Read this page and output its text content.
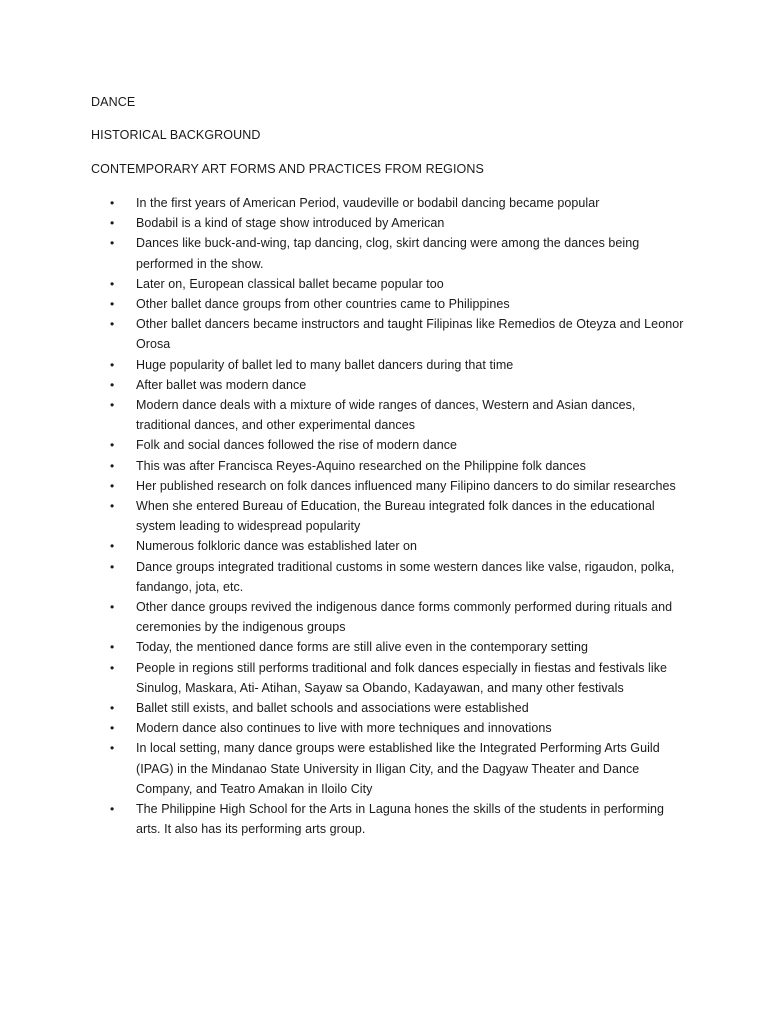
DANCE
HISTORICAL BACKGROUND
CONTEMPORARY ART FORMS AND PRACTICES FROM REGIONS
•	In the first years of American Period, vaudeville or bodabil dancing became popular
•	Bodabil is a kind of stage show introduced by American
•	Dances like buck-and-wing, tap dancing, clog, skirt dancing were among the dances being performed in the show.
•	Later on, European classical ballet became popular too
•	Other ballet dance groups from other countries came to Philippines
•	Other ballet dancers became instructors and taught Filipinas like Remedios de Oteyza and Leonor Orosa
•	Huge popularity of ballet led to many ballet dancers during that time
•	After ballet was modern dance
•	Modern dance deals with a mixture of wide ranges of dances, Western and Asian dances, traditional dances, and other experimental dances
•	Folk and social dances followed the rise of modern dance
•	This was after Francisca Reyes-Aquino researched on the Philippine folk dances
•	Her published research on folk dances influenced many Filipino dancers to do similar researches
•	When she entered Bureau of Education, the Bureau integrated folk dances in the educational system leading to widespread popularity
•	Numerous folkloric dance was established later on
•	Dance groups integrated traditional customs in some western dances like valse, rigaudon, polka, fandango, jota, etc.
•	Other dance groups revived the indigenous dance forms commonly performed during rituals and ceremonies by the indigenous groups
•	Today, the mentioned dance forms are still alive even in the contemporary setting
•	People in regions still performs traditional and folk dances especially in fiestas and festivals like Sinulog, Maskara, Ati- Atihan, Sayaw sa Obando, Kadayawan, and many other festivals
•	Ballet still exists, and ballet schools and associations were established
•	Modern dance also continues to live with more techniques and innovations
•	In local setting, many dance groups were established like the Integrated Performing Arts Guild (IPAG) in the Mindanao State University in Iligan City, and the Dagyaw Theater and Dance Company, and Teatro Amakan in Iloilo City
•	The Philippine High School for the Arts in Laguna hones the skills of the students in performing arts. It also has its performing arts group.
